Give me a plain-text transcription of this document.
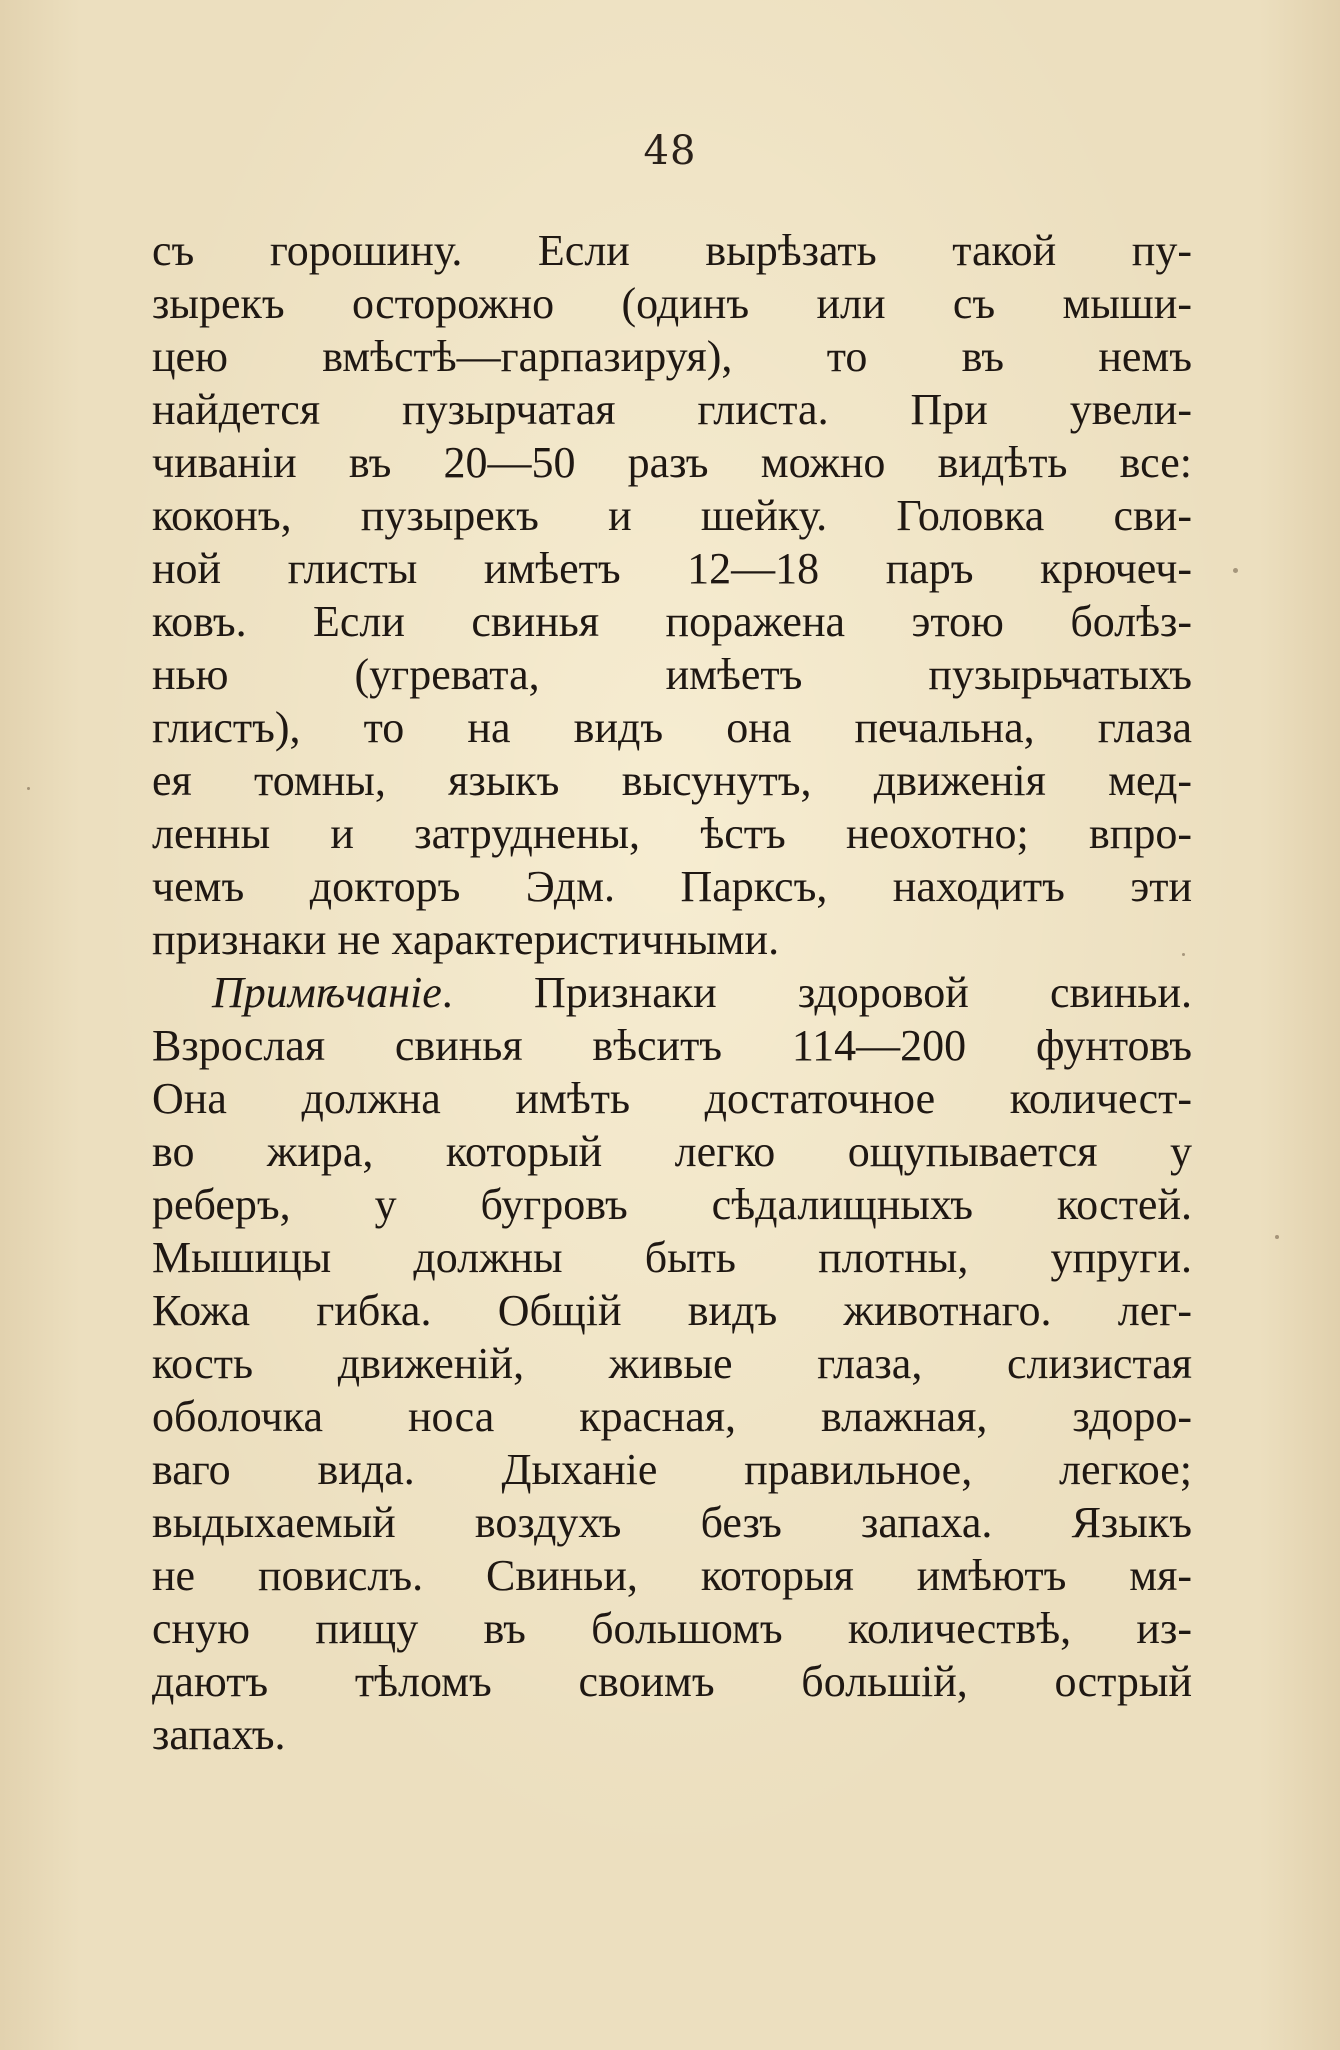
48
съ горошину. Если вырѣзать такой пу-
зырекъ осторожно (одинъ или съ мыши-
цею вмѣстѣ—гарпазируя), то въ немъ
найдется пузырчатая глиста. При увели-
чиваніи въ 20—50 разъ можно видѣть все:
коконъ, пузырекъ и шейку. Головка сви-
ной глисты имѣетъ 12—18 паръ крючеч-
ковъ. Если свинья поражена этою болѣз-
нью (угревата, имѣетъ пузырьчатыхъ
глистъ), то на видъ она печальна, глаза
ея томны, языкъ высунутъ, движенія мед-
ленны и затруднены, ѣстъ неохотно; впро-
чемъ докторъ Эдм. Парксъ, находитъ эти
признаки не характеристичными.
Примѣчаніе. Признаки здоровой свиньи.
Взрослая свинья вѣситъ 114—200 фунтовъ
Она должна имѣть достаточное количест-
во жира, который легко ощупывается у
реберъ, у бугровъ сѣдалищныхъ костей.
Мышицы должны быть плотны, упруги.
Кожа гибка. Общій видъ животнаго. лег-
кость движеній, живые глаза, слизистая
оболочка носа красная, влажная, здоро-
ваго вида. Дыханіе правильное, легкое;
выдыхаемый воздухъ безъ запаха. Языкъ
не повислъ. Свиньи, которыя имѣютъ мя-
сную пищу въ большомъ количествѣ, из-
даютъ тѣломъ своимъ большій, острый
запахъ.
